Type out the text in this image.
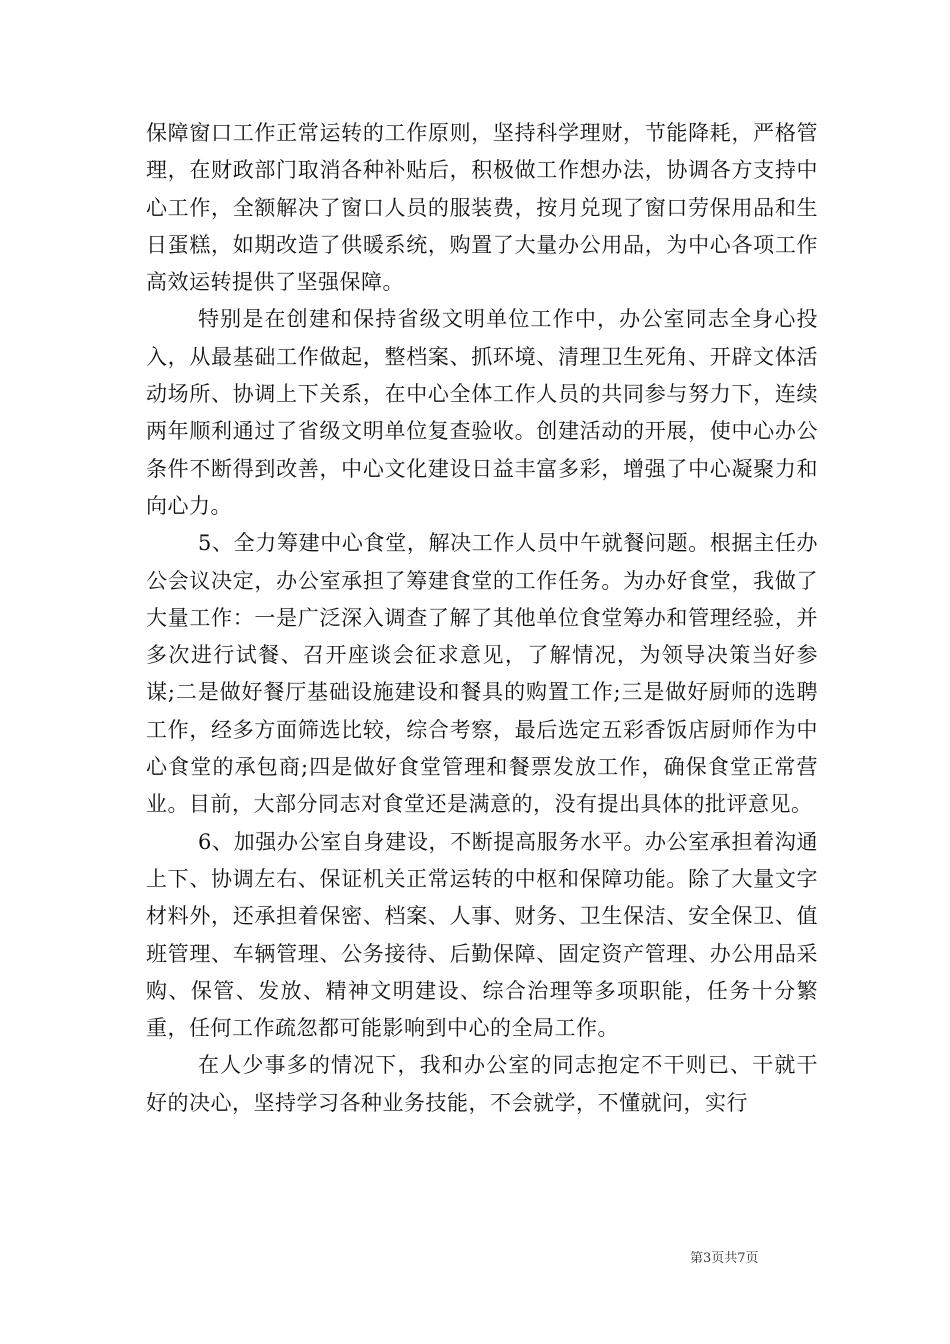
保障窗口工作正常运转的工作原则，坚持科学理财，节能降耗，严格管理，在财政部门取消各种补贴后，积极做工作想办法，协调各方支持中心工作，全额解决了窗口人员的服装费，按月兑现了窗口劳保用品和生日蛋糕，如期改造了供暖系统，购置了大量办公用品，为中心各项工作高效运转提供了坚强保障。

特别是在创建和保持省级文明单位工作中，办公室同志全身心投入，从最基础工作做起，整档案、抓环境、清理卫生死角、开辟文体活动场所、协调上下关系，在中心全体工作人员的共同参与努力下，连续两年顺利通过了省级文明单位复查验收。创建活动的开展，使中心办公条件不断得到改善，中心文化建设日益丰富多彩，增强了中心凝聚力和向心力。

5、全力筹建中心食堂，解决工作人员中午就餐问题。根据主任办公会议决定，办公室承担了筹建食堂的工作任务。为办好食堂，我做了大量工作：一是广泛深入调查了解了其他单位食堂筹办和管理经验，并多次进行试餐、召开座谈会征求意见，了解情况，为领导决策当好参谋;二是做好餐厅基础设施建设和餐具的购置工作;三是做好厨师的选聘工作，经多方面筛选比较，综合考察，最后选定五彩香饭店厨师作为中心食堂的承包商;四是做好食堂管理和餐票发放工作，确保食堂正常营业。目前，大部分同志对食堂还是满意的，没有提出具体的批评意见。

6、加强办公室自身建设，不断提高服务水平。办公室承担着沟通上下、协调左右、保证机关正常运转的中枢和保障功能。除了大量文字材料外，还承担着保密、档案、人事、财务、卫生保洁、安全保卫、值班管理、车辆管理、公务接待、后勤保障、固定资产管理、办公用品采购、保管、发放、精神文明建设、综合治理等多项职能，任务十分繁重，任何工作疏忽都可能影响到中心的全局工作。

在人少事多的情况下，我和办公室的同志抱定不干则已、干就干好的决心，坚持学习各种业务技能，不会就学，不懂就问，实行

第3页共7页
